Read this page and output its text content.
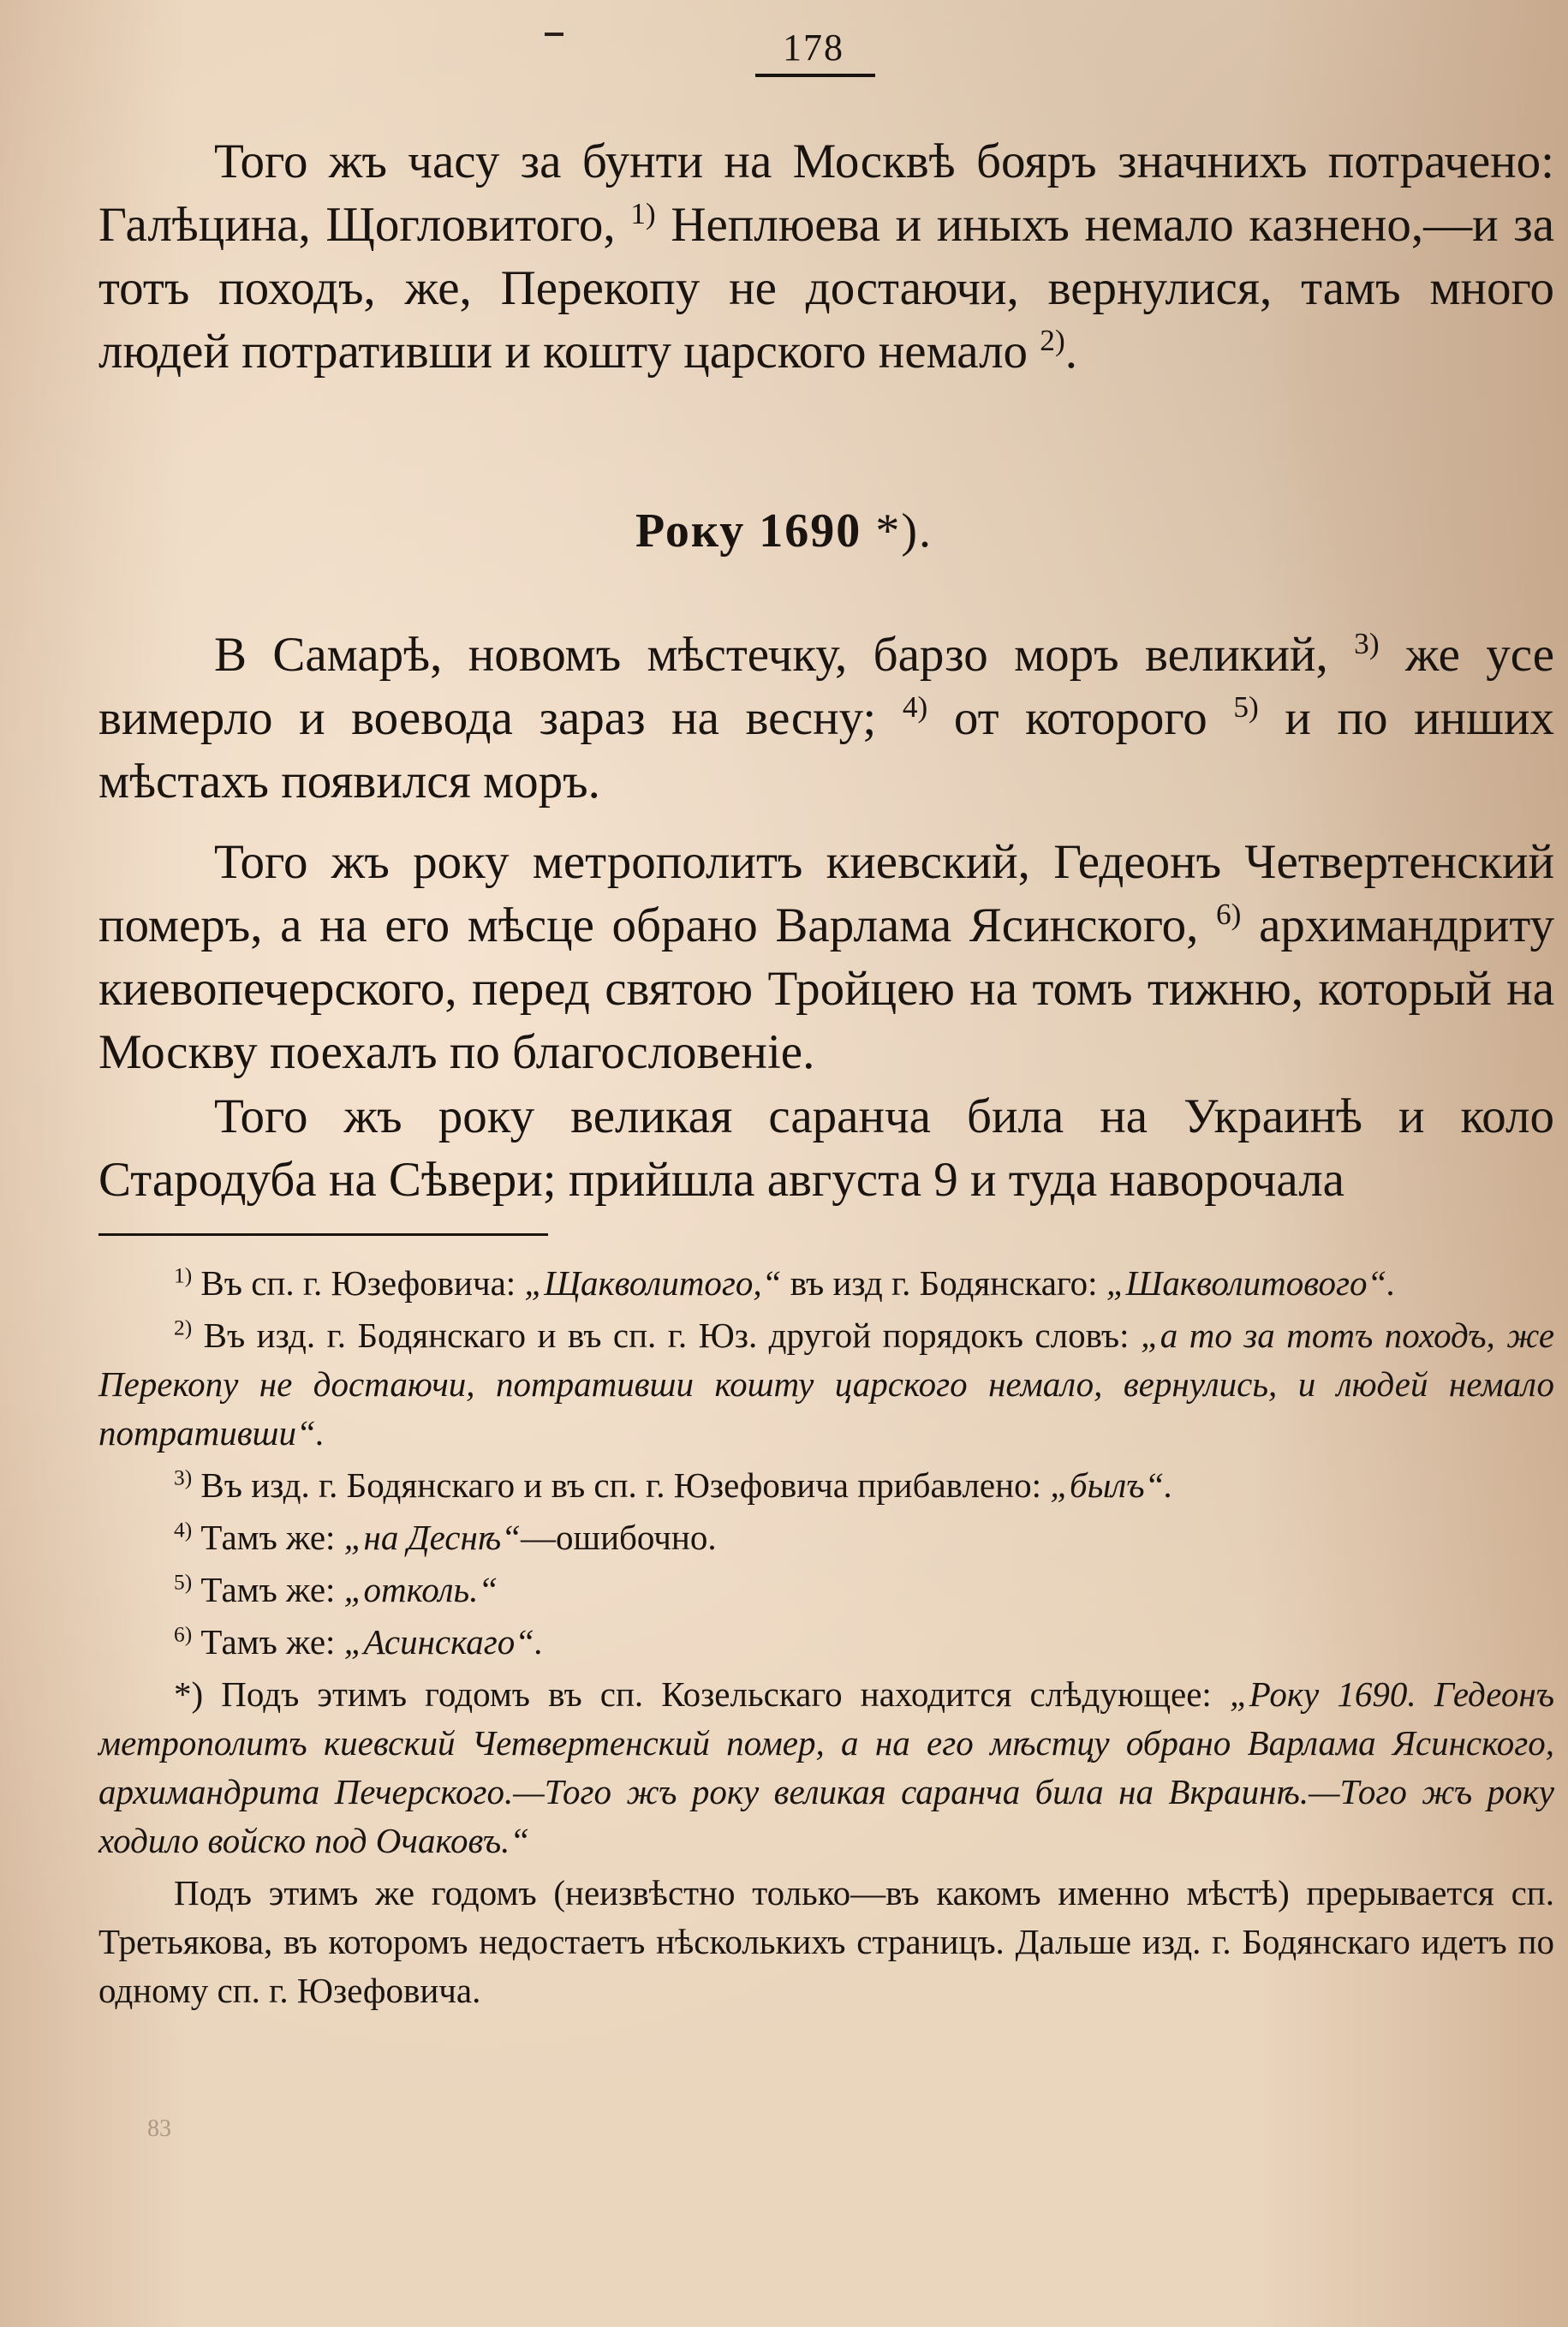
178

Того жъ часу за бунти на Москвѣ бояръ значнихъ потрачено: Галѣцина, Щогловитого, $^{1)}$ Неплюева и иныхъ немало казнено,—и за тотъ походъ, же, Перекопу не достаючи, вернулися, тамъ много людей потративши и кошту царского немало $^{2)}$.

Року 1690 *).

В Самарѣ, новомъ мѣстечку, барзо моръ великий, $^{3)}$ же усе вимерло и воевода зараз на весну; $^{4)}$ от которого $^{5)}$ и по инших мѣстахъ появился моръ.

Того жъ року метрополитъ киевский, Гедеонъ Четвертенский померъ, а на его мѣсце обрано Варлама Ясинского, $^{6)}$ архимандриту киевопечерского, перед святою Тройцею на томъ тижню, который на Москву поехалъ по благословеніе.

Того жъ року великая саранча била на Украинѣ и коло Стародуба на Сѣвери; прийшла августа 9 и туда наворочала

$^{1)}$ Въ сп. г. Юзефовича: „Щакволитого,“ въ изд г. Бодянскаго: „Шакволитового“.

$^{2)}$ Въ изд. г. Бодянскаго и въ сп. г. Юз. другой порядокъ словъ: „а то за тотъ походъ, же Перекопу не достаючи, потративши кошту царского немало, вернулись, и людей немало потративши“.

$^{3)}$ Въ изд. г. Бодянскаго и въ сп. г. Юзефовича прибавлено: „былъ“.

$^{4)}$ Тамъ же: „на Деснѣ“—ошибочно.

$^{5)}$ Тамъ же: „отколь.“

$^{6)}$ Тамъ же: „Асинскаго“.

*) Подъ этимъ годомъ въ сп. Козельскаго находится слѣдующее: „Року 1690. Гедеонъ метрополитъ киевский Четвертенский помер, а на его мѣстцу обрано Варлама Ясинского, архимандрита Печерского.—Того жъ року великая саранча била на Вкраинѣ.—Того жъ року ходило войско под Очаковъ.“

Подъ этимъ же годомъ (неизвѣстно только—въ какомъ именно мѣстѣ) прерывается сп. Третьякова, въ которомъ недостаетъ нѣсколькихъ страницъ. Дальше изд. г. Бодянскаго идетъ по одному сп. г. Юзефовича.

83
